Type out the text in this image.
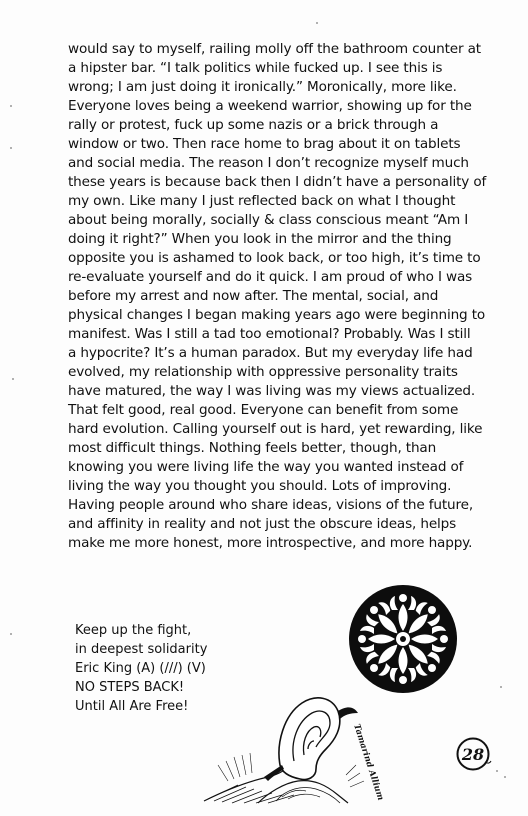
would say to myself, railing molly off the bathroom counter at
a hipster bar. “I talk politics while fucked up. I see this is
wrong; I am just doing it ironically.” Moronically, more like.
Everyone loves being a weekend warrior, showing up for the
rally or protest, fuck up some nazis or a brick through a
window or two. Then race home to brag about it on tablets
and social media. The reason I don’t recognize myself much
these years is because back then I didn’t have a personality of
my own. Like many I just reflected back on what I thought
about being morally, socially & class conscious meant “Am I
doing it right?” When you look in the mirror and the thing
opposite you is ashamed to look back, or too high, it’s time to
re-evaluate yourself and do it quick. I am proud of who I was
before my arrest and now after. The mental, social, and
physical changes I began making years ago were beginning to
manifest. Was I still a tad too emotional? Probably. Was I still
a hypocrite? It’s a human paradox. But my everyday life had
evolved, my relationship with oppressive personality traits
have matured, the way I was living was my views actualized.
That felt good, real good. Everyone can benefit from some
hard evolution. Calling yourself out is hard, yet rewarding, like
most difficult things. Nothing feels better, though, than
knowing you were living life the way you wanted instead of
living the way you thought you should. Lots of improving.
Having people around who share ideas, visions of the future,
and affinity in reality and not just the obscure ideas, helps
make me more honest, more introspective, and more happy.
Keep up the fight,
in deepest solidarity
Eric King (A) (///) (V)
NO STEPS BACK!
Until All Are Free!
Tamarind Allium	28
